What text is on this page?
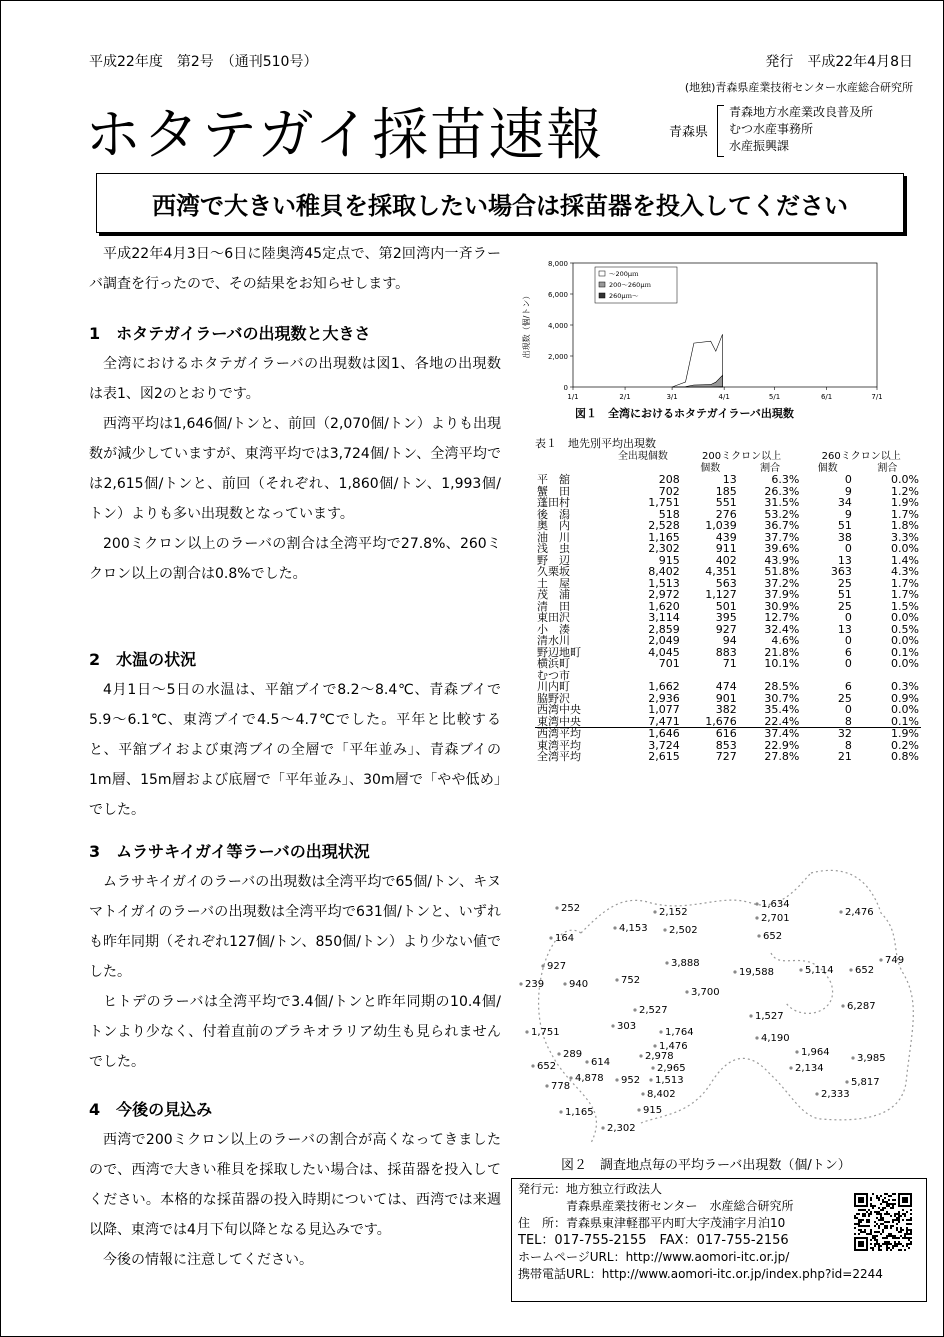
平成22年度　第2号　（通刊510号）	発行　平成22年4月8日
(地独)青森県産業技術センター水産総合研究所
ホタテガイ採苗速報	青森県
青森地方水産業改良普及所
むつ水産事務所
水産振興課
西湾で大きい稚貝を採取したい場合は採苗器を投入してください

平成22年4月3日～6日に陸奥湾45定点で、第2回湾内一斉ラーバ調査を行ったので、その結果をお知らせします。

1　ホタテガイラーバの出現数と大きさ

全湾におけるホタテガイラーバの出現数は図1、各地の出現数は表1、図2のとおりです。

西湾平均は1,646個/トンと、前回（2,070個/トン）よりも出現数が減少していますが、東湾平均では3,724個/トン、全湾平均では2,615個/トンと、前回（それぞれ、1,860個/トン、1,993個/トン）よりも多い出現数となっています。

200ミクロン以上のラーバの割合は全湾平均で27.8%、260ミクロン以上の割合は0.8%でした。

2　水温の状況

4月1日～5日の水温は、平舘ブイで8.2～8.4℃、青森ブイで5.9～6.1℃、東湾ブイで4.5～4.7℃でした。平年と比較すると、平舘ブイおよび東湾ブイの全層で「平年並み」、青森ブイの1m層、15m層および底層で「平年並み」、30m層で「やや低め」でした。

3　ムラサキイガイ等ラーバの出現状況

ムラサキイガイのラーバの出現数は全湾平均で65個/トン、キヌマトイガイのラーバの出現数は全湾平均で631個/トンと、いずれも昨年同期（それぞれ127個/トン、850個/トン）より少ない値でした。

ヒトデのラーバは全湾平均で3.4個/トンと昨年同期の10.4個/トンより少なく、付着直前のブラキオラリア幼生も見られませんでした。

4　今後の見込み

西湾で200ミクロン以上のラーバの割合が高くなってきましたので、西湾で大きい稚貝を採取したい場合は、採苗器を投入してください。本格的な採苗器の投入時期については、西湾では来週以降、東湾では4月下旬以降となる見込みです。

今後の情報に注意してください。

0
2,000
4,000
6,000
8,000
1/1	2/1	3/1	4/1	5/1	6/1	7/1
出現数（個/トン）
～200μｍ
200～260μｍ
260μｍ～
図１　全湾におけるホタテガイラーバ出現数
表１　地先別平均出現数
	全出現個数	200ミクロン以上		260ミクロン以上	
		個数	割合	個数	割合
平　舘	208	13	6.3%	0	0.0%
蟹　田	702	185	26.3%	9	1.2%
蓬田村	1,751	551	31.5%	34	1.9%
後　潟	518	276	53.2%	9	1.7%
奥　内	2,528	1,039	36.7%	51	1.8%
油　川	1,165	439	37.7%	38	3.3%
浅　虫	2,302	911	39.6%	0	0.0%
野　辺	915	402	43.9%	13	1.4%
久栗坂	8,402	4,351	51.8%	363	4.3%
土　屋	1,513	563	37.2%	25	1.7%
茂　浦	2,972	1,127	37.9%	51	1.7%
清　田	1,620	501	30.9%	25	1.5%
東田沢	3,114	395	12.7%	0	0.0%
小　湊	2,859	927	32.4%	13	0.5%
清水川	2,049	94	4.6%	0	0.0%
野辺地町	4,045	883	21.8%	6	0.1%
横浜町	701	71	10.1%	0	0.0%
むつ市					
川内町	1,662	474	28.5%	6	0.3%
脇野沢	2,936	901	30.7%	25	0.9%
西湾中央	1,077	382	35.4%	0	0.0%
東湾中央	7,471	1,676	22.4%	8	0.1%
西湾平均	1,646	616	37.4%	32	1.9%
東湾平均	3,724	853	22.9%	8	0.2%
全湾平均	2,615	727	27.8%	21	0.8%
252	2,152
164
4,153 2,502
1,634
2,701
652
2,476
927	3,888
19,588	5,114 652
749
239 940	752
3,700
6,287
2,527
1,527
303
1,764
4,190
1,751
1,476
1,964
289	2,978	3,985
652	614
2,965	2,134
4,878	1,513	5,817
778
952
8,402	2,333
1,165	915
2,302
図２　調査地点毎の平均ラーバ出現数（個/トン）
発行元：地方独立行政法人
　　　　青森県産業技術センター　水産総合研究所
住　所：青森県東津軽郡平内町大字茂浦字月泊10
TEL：017-755-2155　FAX：017-755-2156
ホームページURL：http://www.aomori-itc.or.jp/
携帯電話URL：http://www.aomori-itc.or.jp/index.php?id=2244
